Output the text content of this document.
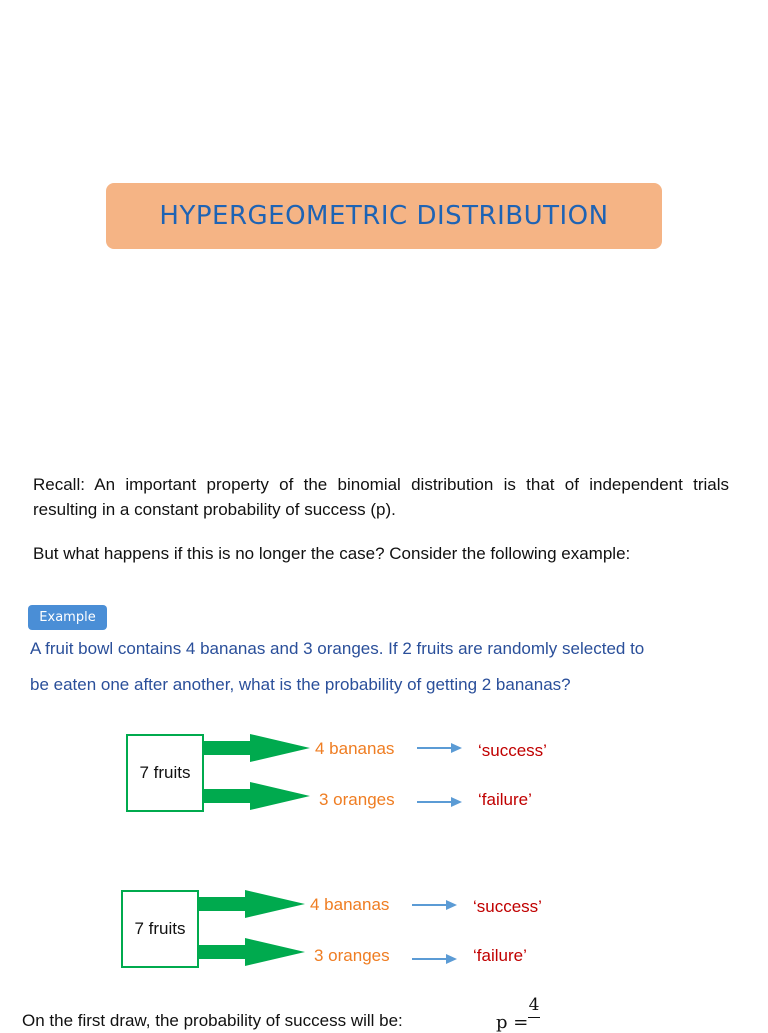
HYPERGEOMETRIC DISTRIBUTION

Recall: An important property of the binomial distribution is that of independent trials resulting in a constant probability of success (p).

But what happens if this is no longer the case? Consider the following example:

Example

A fruit bowl contains 4 bananas and 3 oranges. If 2 fruits are randomly selected to

be eaten one after another, what is the probability of getting 2 bananas?

7 fruits
4 bananas
3 oranges
‘success’
‘failure’
7 fruits
4 bananas
3 oranges
‘success’
‘failure’
On the first draw, the probability of success will be:	p =
4
